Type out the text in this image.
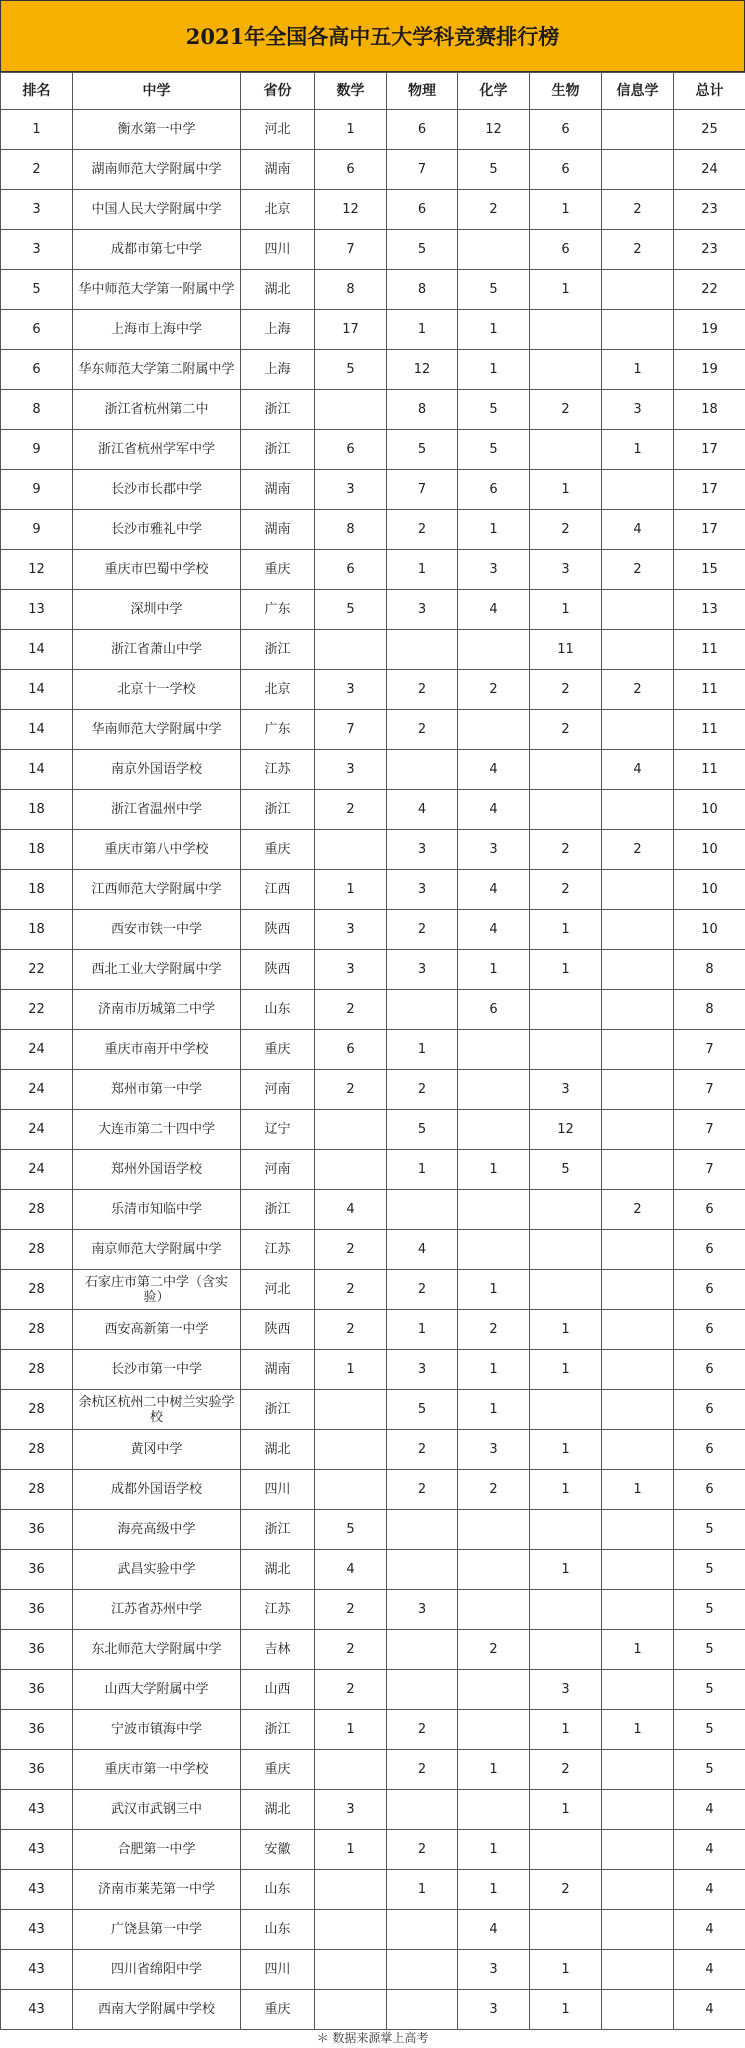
2021年全国各高中五大学科竞赛排行榜
排名	中学	省份	数学	物理	化学	生物	信息学	总计
1	衡水第一中学	河北	1	6	12	6		25
2	湖南师范大学附属中学	湖南	6	7	5	6		24
3	中国人民大学附属中学	北京	12	6	2	1	2	23
3	成都市第七中学	四川	7	5		6	2	23
5	华中师范大学第一附属中学	湖北	8	8	5	1		22
6	上海市上海中学	上海	17	1	1			19
6	华东师范大学第二附属中学	上海	5	12	1		1	19
8	浙江省杭州第二中	浙江		8	5	2	3	18
9	浙江省杭州学军中学	浙江	6	5	5		1	17
9	长沙市长郡中学	湖南	3	7	6	1		17
9	长沙市雅礼中学	湖南	8	2	1	2	4	17
12	重庆市巴蜀中学校	重庆	6	1	3	3	2	15
13	深圳中学	广东	5	3	4	1		13
14	浙江省萧山中学	浙江				11		11
14	北京十一学校	北京	3	2	2	2	2	11
14	华南师范大学附属中学	广东	7	2		2		11
14	南京外国语学校	江苏	3		4		4	11
18	浙江省温州中学	浙江	2	4	4			10
18	重庆市第八中学校	重庆		3	3	2	2	10
18	江西师范大学附属中学	江西	1	3	4	2		10
18	西安市铁一中学	陕西	3	2	4	1		10
22	西北工业大学附属中学	陕西	3	3	1	1		8
22	济南市历城第二中学	山东	2		6			8
24	重庆市南开中学校	重庆	6	1				7
24	郑州市第一中学	河南	2	2		3		7
24	大连市第二十四中学	辽宁		5		12		7
24	郑州外国语学校	河南		1	1	5		7
28	乐清市知临中学	浙江	4				2	6
28	南京师范大学附属中学	江苏	2	4				6
28	石家庄市第二中学（含实验）	河北	2	2	1			6
28	西安高新第一中学	陕西	2	1	2	1		6
28	长沙市第一中学	湖南	1	3	1	1		6
28	余杭区杭州二中树兰实验学校	浙江		5	1			6
28	黄冈中学	湖北		2	3	1		6
28	成都外国语学校	四川		2	2	1	1	6
36	海亮高级中学	浙江	5					5
36	武昌实验中学	湖北	4			1		5
36	江苏省苏州中学	江苏	2	3				5
36	东北师范大学附属中学	吉林	2		2		1	5
36	山西大学附属中学	山西	2			3		5
36	宁波市镇海中学	浙江	1	2		1	1	5
36	重庆市第一中学校	重庆		2	1	2		5
43	武汉市武钢三中	湖北	3			1		4
43	合肥第一中学	安徽	1	2	1			4
43	济南市莱芜第一中学	山东		1	1	2		4
43	广饶县第一中学	山东			4			4
43	四川省绵阳中学	四川			3	1		4
43	西南大学附属中学校	重庆			3	1		4
＊ 数据来源掌上高考
